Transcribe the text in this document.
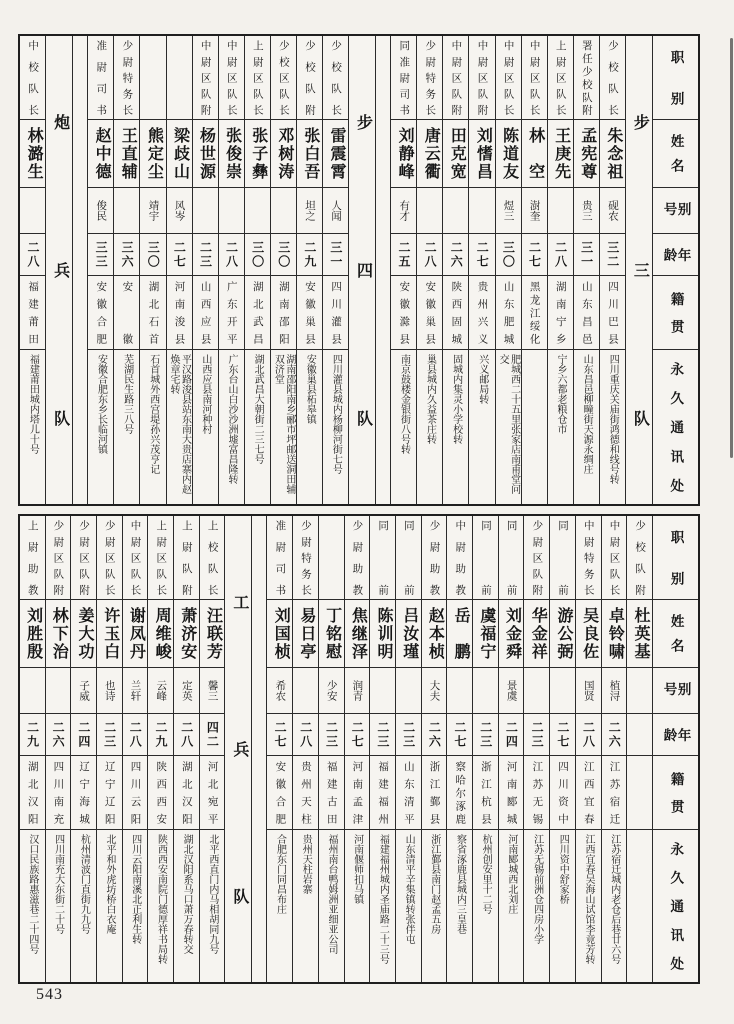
职别
姓名
别号
年龄
籍贯
永久通讯处
步三队
少校队长
朱念祖
砚农
三二
四川巴县
四川重庆关庙街鸿德和线号转
署任少校队附
孟宪尊
贵三
三一
山东昌邑
山东昌邑柳疃街天源永绸庄
上尉区队长
王庚先
二八
湖南宁乡
宁乡六都老粮仓市
中尉区队长
林空
澍奎
二七
黑龙江绥化
中尉区队长
陈道友
煜三
三〇
山东肥城
肥城西二十五里张家店南甫堂问交
中尉区队附
刘愭昌
二七
贵州兴义
兴义邮局转
中尉区队附
田克宽
二六
陕西固城
固城内集灵小学校转
少尉特务长
唐云衢
二八
安徽巢县
巢县城内久益茶庄转
同准尉司书
刘静峰
有才
二五
安徽滁县
南京鼓楼金银街八号转
步四队
少校队长
雷震霄
人闻
三一
四川灌县
四川灌县城内杨柳河街七号
少校队附
张白吾
坦之
二九
安徽巢县
安徽巢县柘皋镇
少校区队长
邓树涛
三〇
湖南邵阳
湖南邵阳南乡郦市坪邮送洞田辅双济堂
上尉区队长
张子彝
三〇
湖北武昌
湖北武昌大朝街二三七号
中尉区队长
张俊崇
二八
广东开平
广东台山白沙沙洲墟富昌隆转
中尉区队附
杨世源
二三
山西应县
山西应县南河种村
梁歧山
风岑
二七
河南浚县
平汉路浚县站东南大贵店寨内赵焕章宅转
熊定尘
靖宇
三〇
湖北石首
石首城外西宫堤孙兴茂亨记
少尉特务长
王直辅
三六
安徽
芜湖民生路三八号
准尉司书
赵中德
俊民
三三
安徽合肥
安徽合肥东乡长临河镇
炮兵队
中校队长
林潞生
二八
福建莆田
福建莆田城内塔儿十号
职别
姓名
别号
年龄
籍贯
永久通讯处
少校队附
杜英基
中尉区队长
卓铃啸
植浔
二六
江苏宿迁
江苏宿迁城内老仓后巷廿六号
中尉特务长
吴良佐
国贤
二八
江西宜春
江西宜春吴海山试馆李竟芳转
同前
游公弼
二七
四川资中
四川资中舒家桥
少尉区队附
华金祥
二三
江苏无锡
江苏无锡前洲仓四房小学
同前
刘金舜
景虞
二四
河南郾城
河南郾城西北刘庄
同前
虞福宁
二三
浙江杭县
杭州创安里十二号
中尉助教
岳鹏
二七
察哈尔涿鹿
察省涿鹿县城内三皇巷
少尉助教
赵本桢
大夫
二六
浙江鄞县
浙江鄞县南门赵孟五房
同前
吕汝瑾
二三
山东清平
山东清平辛集镇转张伴屯
同前
陈训明
二三
福建福州
福建福州城内圣庙路二十三号
少尉助教
焦继泽
润青
二七
河南孟津
河南偃师扣马镇
丁铭慰
少安
二三
福建古田
福州南台鸭姆洲亚细亚公司
少尉特务长
易日亭
二八
贵州天柱
贵州天柱岩寨
准尉司书
刘国桢
希农
二七
安徽合肥
合肥东门同昌布庄
工兵队
上校队长
汪联芳
馨三
四二
河北宛平
北平西直门内马相胡同九号
上尉队附
萧济安
定英
二八
湖北汉阳
湖北汉阳系马口萧万春转交
上尉区队长
周维峻
云峰
二九
陕西西安
陕西西安南院门德厚祥书局转
中尉区队长
谢凤丹
兰轩
二八
四川云阳
四川云阳南溪北正利生转
少尉区队长
许玉白
也诗
二三
辽宁辽阳
北平和外虎坊桥白衣庵
少尉区队附
姜大功
子威
二四
辽宁海城
杭州清波门直街九九号
少尉区队附
林下治
二六
四川南充
四川南充大东街二十号
上尉助教
刘胜殷
二九
湖北汉阳
汉口民族路惠滋巷二十四号
543
